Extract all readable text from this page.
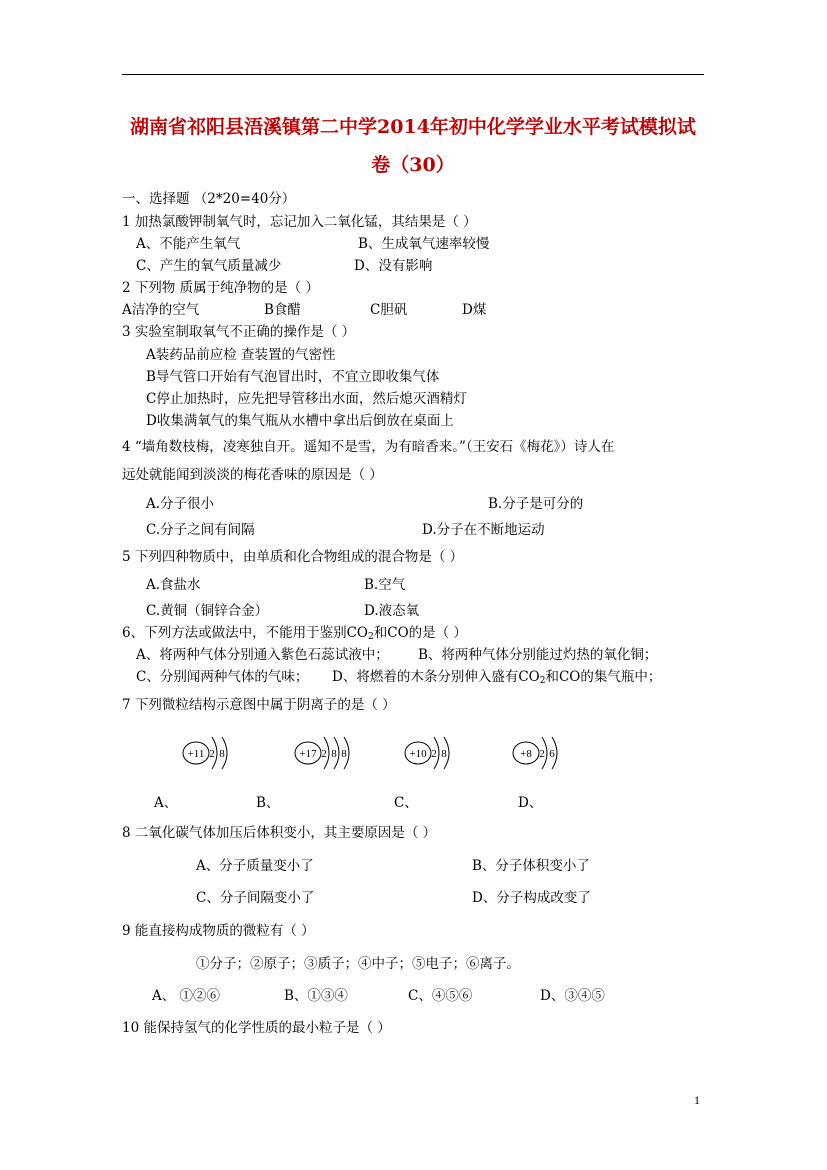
湖南省祁阳县浯溪镇第二中学2014年初中化学学业水平考试模拟试
卷（30）
一、选择题 （2*20=40分）
1 加热氯酸钾制氧气时，忘记加入二氧化锰，其结果是（ ）
A、不能产生氧气	B、生成氧气速率较慢
C、产生的氧气质量减少	D、没有影响
2 下列物 质属于纯净物的是（ ）
A洁净的空气	B食醋	C胆矾	D煤
3 实验室制取氧气不正确的操作是（ ）
A装药品前应检 查装置的气密性
B导气管口开始有气泡冒出时，不宜立即收集气体
C停止加热时，应先把导管移出水面，然后熄灭酒精灯
D收集满氧气的集气瓶从水槽中拿出后倒放在桌面上
4 “墙角数枝梅，凌寒独自开。遥知不是雪，为有暗香来。”（王安石《梅花》）诗人在
远处就能闻到淡淡的梅花香味的原因是（ ）
A.分子很小	B.分子是可分的
C.分子之间有间隔	D.分子在不断地运动
5 下列四种物质中，由单质和化合物组成的混合物是（ ）
A.食盐水	B.空气
C.黄铜（铜锌合金）	D.液态氧
6、下列方法或做法中，不能用于鉴别$CO_2$和CO的是（ ）
A、将两种气体分别通入紫色石蕊试液中； B、将两种气体分别能过灼热的氧化铜；
C、分别闻两种气体的气味； D、将燃着的木条分别伸入盛有$CO_2$和CO的集气瓶中；
7 下列微粒结构示意图中属于阴离子的是（ ）
+11 2 8	+17 2 8 8	+10 2 8	+8 2 6
A、	B、	C、	D、
8 二氧化碳气体加压后体积变小，其主要原因是（ ）
A、分子质量变小了	B、分子体积变小了
C、分子间隔变小了	D、分子构成改变了
9 能直接构成物质的微粒有（ ）
①分子；②原子；③质子；④中子；⑤电子；⑥离子。
A、 ①②⑥	B、①③④	C、④⑤⑥	D、③④⑤
10 能保持氢气的化学性质的最小粒子是（ ）
1
